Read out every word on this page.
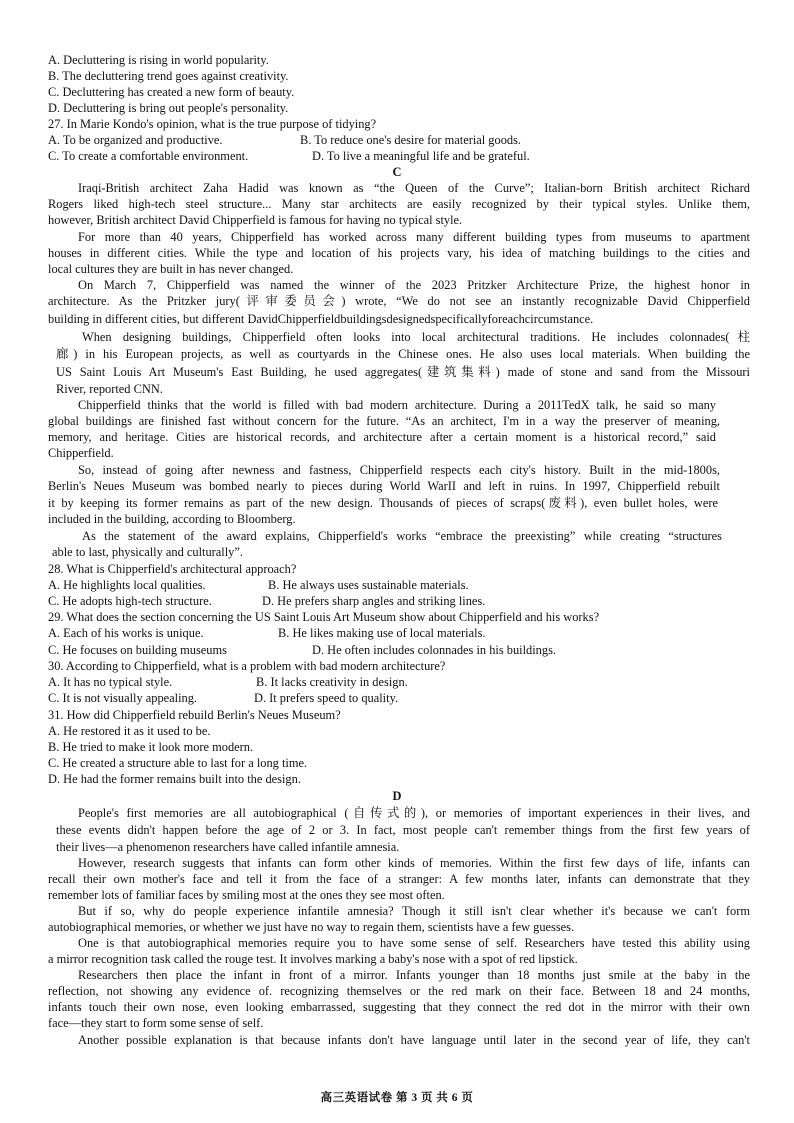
A. Decluttering is rising in world popularity.
B. The decluttering trend goes against creativity.
C. Decluttering has created a new form of beauty.
D. Decluttering is bring out people's personality.
27. In Marie Kondo's opinion, what is the true purpose of tidying?
A. To be organized and productive.	B. To reduce one's desire for material goods.
C. To create a comfortable environment.	D. To live a meaningful life and be grateful.
C
Iraqi-British architect Zaha Hadid was known as “the Queen of the Curve”; Italian-born British architect Richard
Rogers liked high-tech steel structure... Many star architects are easily recognized by their typical styles. Unlike them,
however, British architect David Chipperfield is famous for having no typical style.
For more than 40 years, Chipperfield has worked across many different building types from museums to apartment
houses in different cities. While the type and location of his projects vary, his idea of matching buildings to the cities and
local cultures they are built in has never changed.
On March 7, Chipperfield was named the winner of the 2023 Pritzker Architecture Prize, the highest honor in
architecture. As the Pritzker jury(评审委员会) wrote, “We do not see an instantly recognizable David Chipperfield
building in different cities, but different DavidChipperfieldbuildingsdesignedspecificallyforeachcircumstance.
When designing buildings, Chipperfield often looks into local architectural traditions. He includes colonnades(柱
廊) in his European projects, as well as courtyards in the Chinese ones. He also uses local materials. When building the
US Saint Louis Art Museum's East Building, he used aggregates(建筑集料) made of stone and sand from the Missouri
River, reported CNN.
Chipperfield thinks that the world is filled with bad modern architecture. During a 2011TedX talk, he said so many
global buildings are finished fast without concern for the future. “As an architect, I'm in a way the preserver of meaning,
memory, and heritage. Cities are historical records, and architecture after a certain moment is a historical record,” said
Chipperfield.
So, instead of going after newness and fastness, Chipperfield respects each city's history. Built in the mid-1800s,
Berlin's Neues Museum was bombed nearly to pieces during World WarII and left in ruins. In 1997, Chipperfield rebuilt
it by keeping its former remains as part of the new design. Thousands of pieces of scraps(废料), even bullet holes, were
included in the building, according to Bloomberg.
As the statement of the award explains, Chipperfield's works “embrace the preexisting” while creating “structures
able to last, physically and culturally”.
28. What is Chipperfield's architectural approach?
A. He highlights local qualities.	B. He always uses sustainable materials.
C. He adopts high-tech structure.	D. He prefers sharp angles and striking lines.
29. What does the section concerning the US Saint Louis Art Museum show about Chipperfield and his works?
A. Each of his works is unique.	B. He likes making use of local materials.
C. He focuses on building museums	D. He often includes colonnades in his buildings.
30. According to Chipperfield, what is a problem with bad modern architecture?
A. It has no typical style.	B. It lacks creativity in design.
C. It is not visually appealing.	D. It prefers speed to quality.
31. How did Chipperfield rebuild Berlin's Neues Museum?
A. He restored it as it used to be.
B. He tried to make it look more modern.
C. He created a structure able to last for a long time.
D. He had the former remains built into the design.
D
People's first memories are all autobiographical (自传式的), or memories of important experiences in their lives, and
these events didn't happen before the age of 2 or 3. In fact, most people can't remember things from the first few years of
their lives—a phenomenon researchers have called infantile amnesia.
However, research suggests that infants can form other kinds of memories. Within the first few days of life, infants can
recall their own mother's face and tell it from the face of a stranger: A few months later, infants can demonstrate that they
remember lots of familiar faces by smiling most at the ones they see most often.
But if so, why do people experience infantile amnesia? Though it still isn't clear whether it's because we can't form
autobiographical memories, or whether we just have no way to regain them, scientists have a few guesses.
One is that autobiographical memories require you to have some sense of self. Researchers have tested this ability using
a mirror recognition task called the rouge test. It involves marking a baby's nose with a spot of red lipstick.
Researchers then place the infant in front of a mirror. Infants younger than 18 months just smile at the baby in the
reflection, not showing any evidence of. recognizing themselves or the red mark on their face. Between 18 and 24 months,
infants touch their own nose, even looking embarrassed, suggesting that they connect the red dot in the mirror with their own
face—they start to form some sense of self.
Another possible explanation is that because infants don't have language until later in the second year of life, they can't
高三英语试卷 第 3 页 共 6 页
